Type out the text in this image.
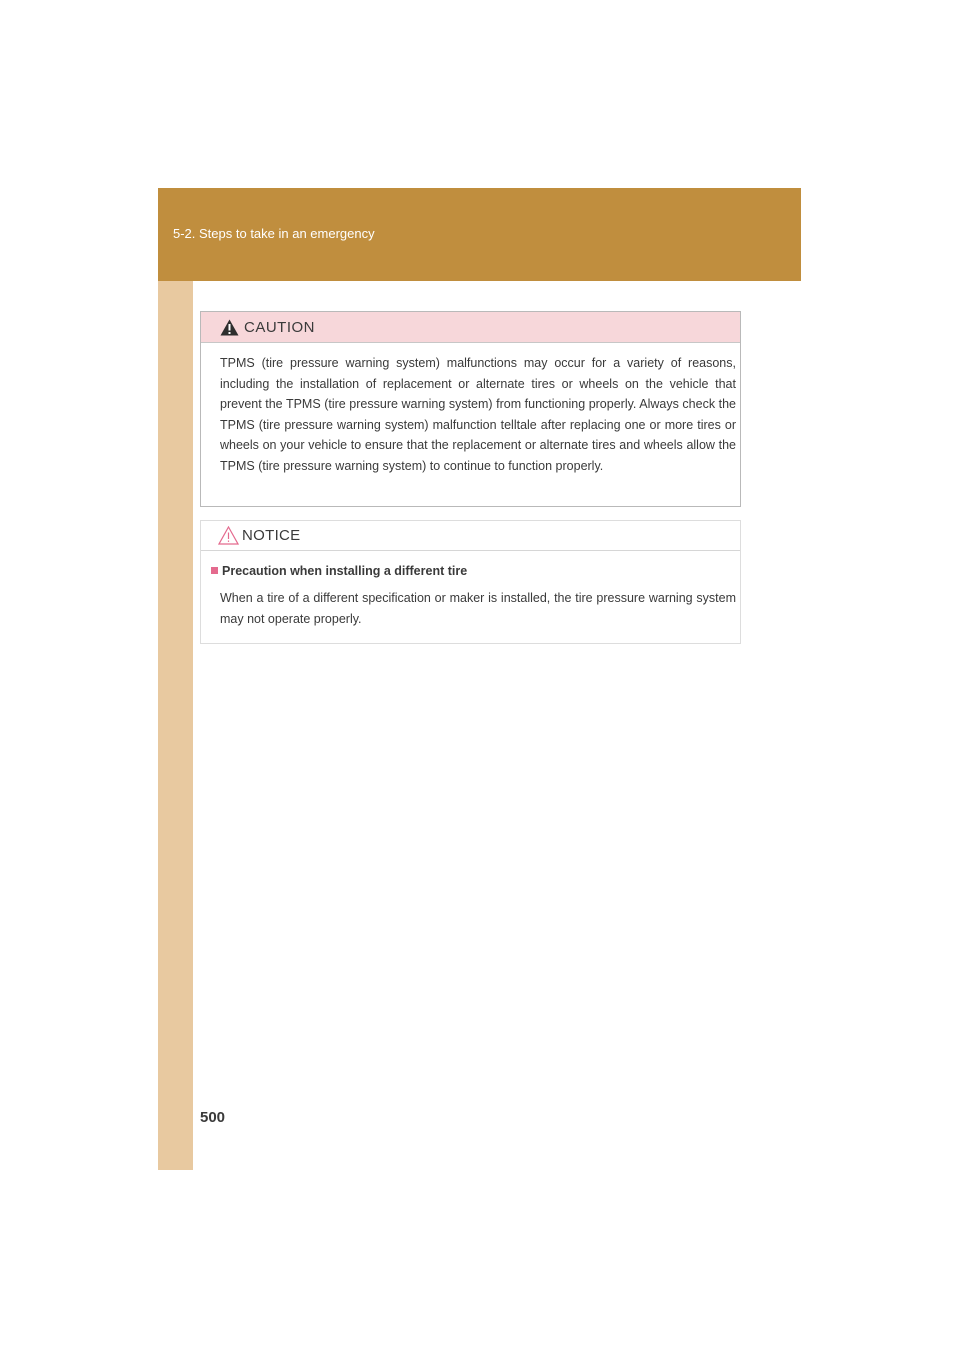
5-2. Steps to take in an emergency
CAUTION
TPMS (tire pressure warning system) malfunctions may occur for a variety of reasons, including the installation of replacement or alternate tires or wheels on the vehicle that prevent the TPMS (tire pressure warning system) from functioning properly. Always check the TPMS (tire pressure warning system) malfunction telltale after replacing one or more tires or wheels on your vehicle to ensure that the replacement or alternate tires and wheels allow the TPMS (tire pressure warning system) to continue to function properly.
NOTICE
Precaution when installing a different tire
When a tire of a different specification or maker is installed, the tire pressure warning system may not operate properly.
500
